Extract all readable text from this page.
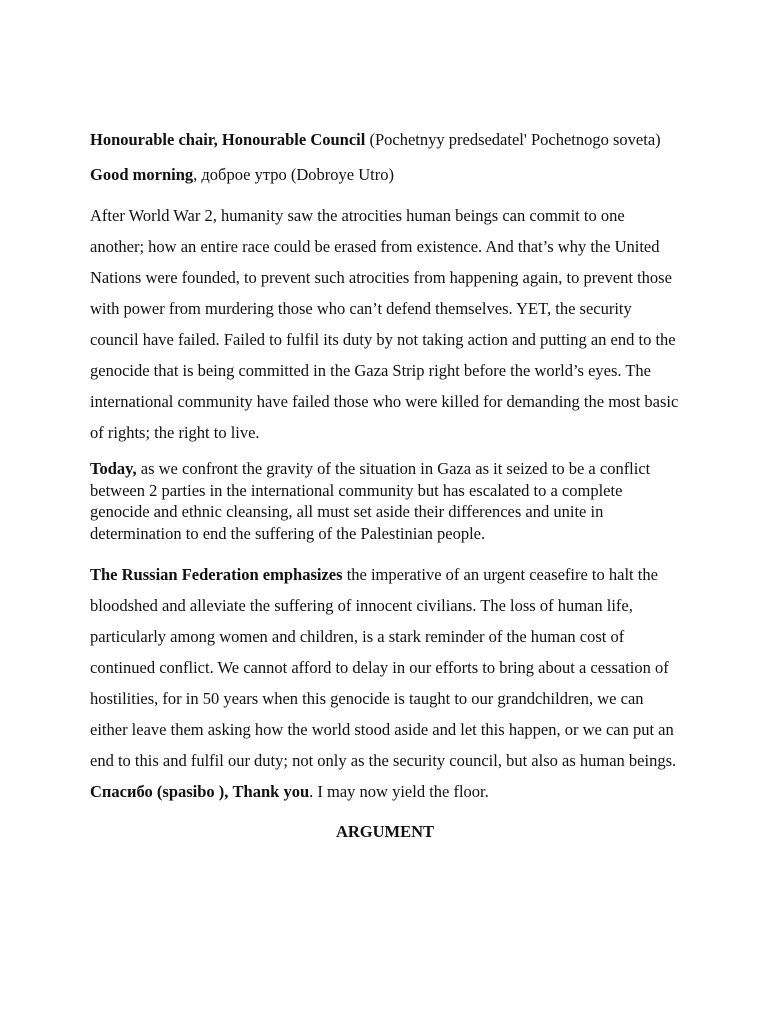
Honourable chair, Honourable Council (Pochetnyy predsedatel' Pochetnogo soveta)

Good morning, доброе утро (Dobroye Utro)

After World War 2, humanity saw the atrocities human beings can commit to one another; how an entire race could be erased from existence. And that’s why the United Nations were founded, to prevent such atrocities from happening again, to prevent those with power from murdering those who can’t defend themselves. YET, the security council have failed. Failed to fulfil its duty by not taking action and putting an end to the genocide that is being committed in the Gaza Strip right before the world’s eyes. The international community have failed those who were killed for demanding the most basic of rights; the right to live.

Today, as we confront the gravity of the situation in Gaza as it seized to be a conflict between 2 parties in the international community but has escalated to a complete genocide and ethnic cleansing, all must set aside their differences and unite in determination to end the suffering of the Palestinian people.

The Russian Federation emphasizes the imperative of an urgent ceasefire to halt the bloodshed and alleviate the suffering of innocent civilians. The loss of human life, particularly among women and children, is a stark reminder of the human cost of continued conflict. We cannot afford to delay in our efforts to bring about a cessation of hostilities, for in 50 years when this genocide is taught to our grandchildren, we can either leave them asking how the world stood aside and let this happen, or we can put an end to this and fulfil our duty; not only as the security council, but also as human beings. Спасибо (spasibo ), Thank you. I may now yield the floor.

ARGUMENT
